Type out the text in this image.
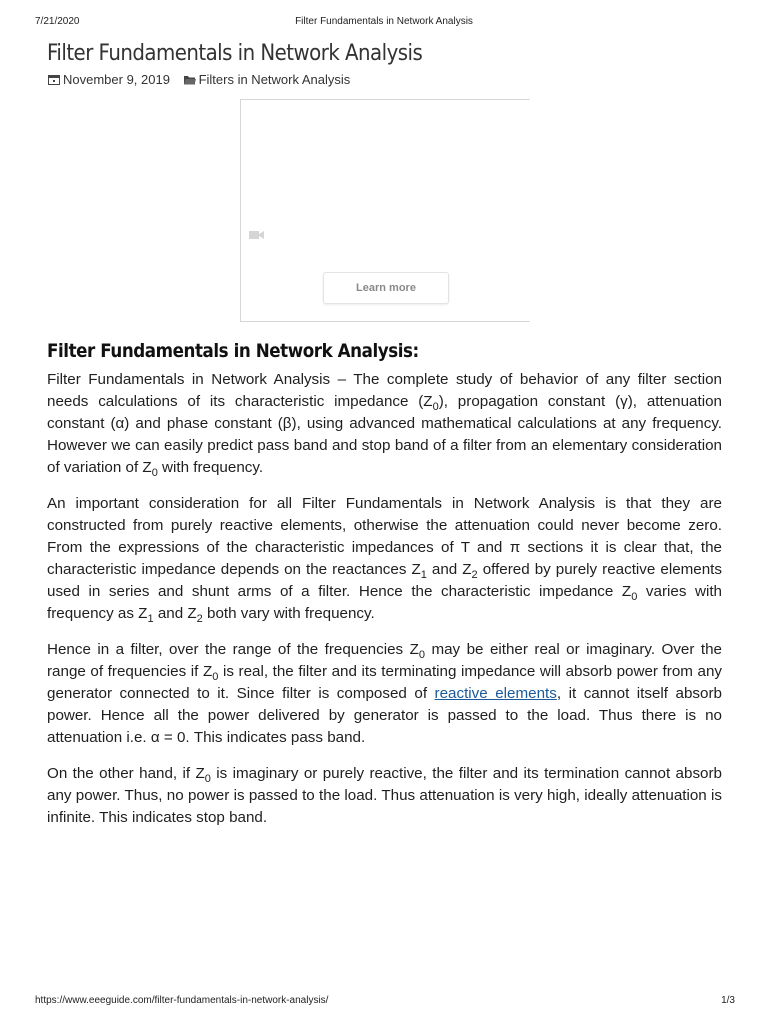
7/21/2020	Filter Fundamentals in Network Analysis
Filter Fundamentals in Network Analysis
November 9, 2019 Filters in Network Analysis
Learn more
Filter Fundamentals in Network Analysis:

Filter Fundamentals in Network Analysis – The complete study of behavior of any filter section needs calculations of its characteristic impedance $(Z_0)$, propagation constant (γ), attenuation constant (α) and phase constant (β), using advanced mathematical calculations at any frequency. However we can easily predict pass band and stop band of a filter from an elementary consideration of variation of $Z_0$ with frequency.

An important consideration for all Filter Fundamentals in Network Analysis is that they are constructed from purely reactive elements, otherwise the attenuation could never become zero. From the expressions of the characteristic impedances of T and π sections it is clear that, the characteristic impedance depends on the reactances $Z_1$ and $Z_2$ offered by purely reactive elements used in series and shunt arms of a filter. Hence the characteristic impedance $Z_0$ varies with frequency as $Z_1$ and $Z_2$ both vary with frequency.

Hence in a filter, over the range of the frequencies $Z_0$ may be either real or imaginary. Over the range of frequencies if $Z_0$ is real, the filter and its terminating impedance will absorb power from any generator connected to it. Since filter is composed of reactive elements, it cannot itself absorb power. Hence all the power delivered by generator is passed to the load. Thus there is no attenuation i.e. α = 0. This indicates pass band.

On the other hand, if $Z_0$ is imaginary or purely reactive, the filter and its termination cannot absorb any power. Thus, no power is passed to the load. Thus attenuation is very high, ideally attenuation is infinite. This indicates stop band.

https://www.eeeguide.com/filter-fundamentals-in-network-analysis/	1/3
